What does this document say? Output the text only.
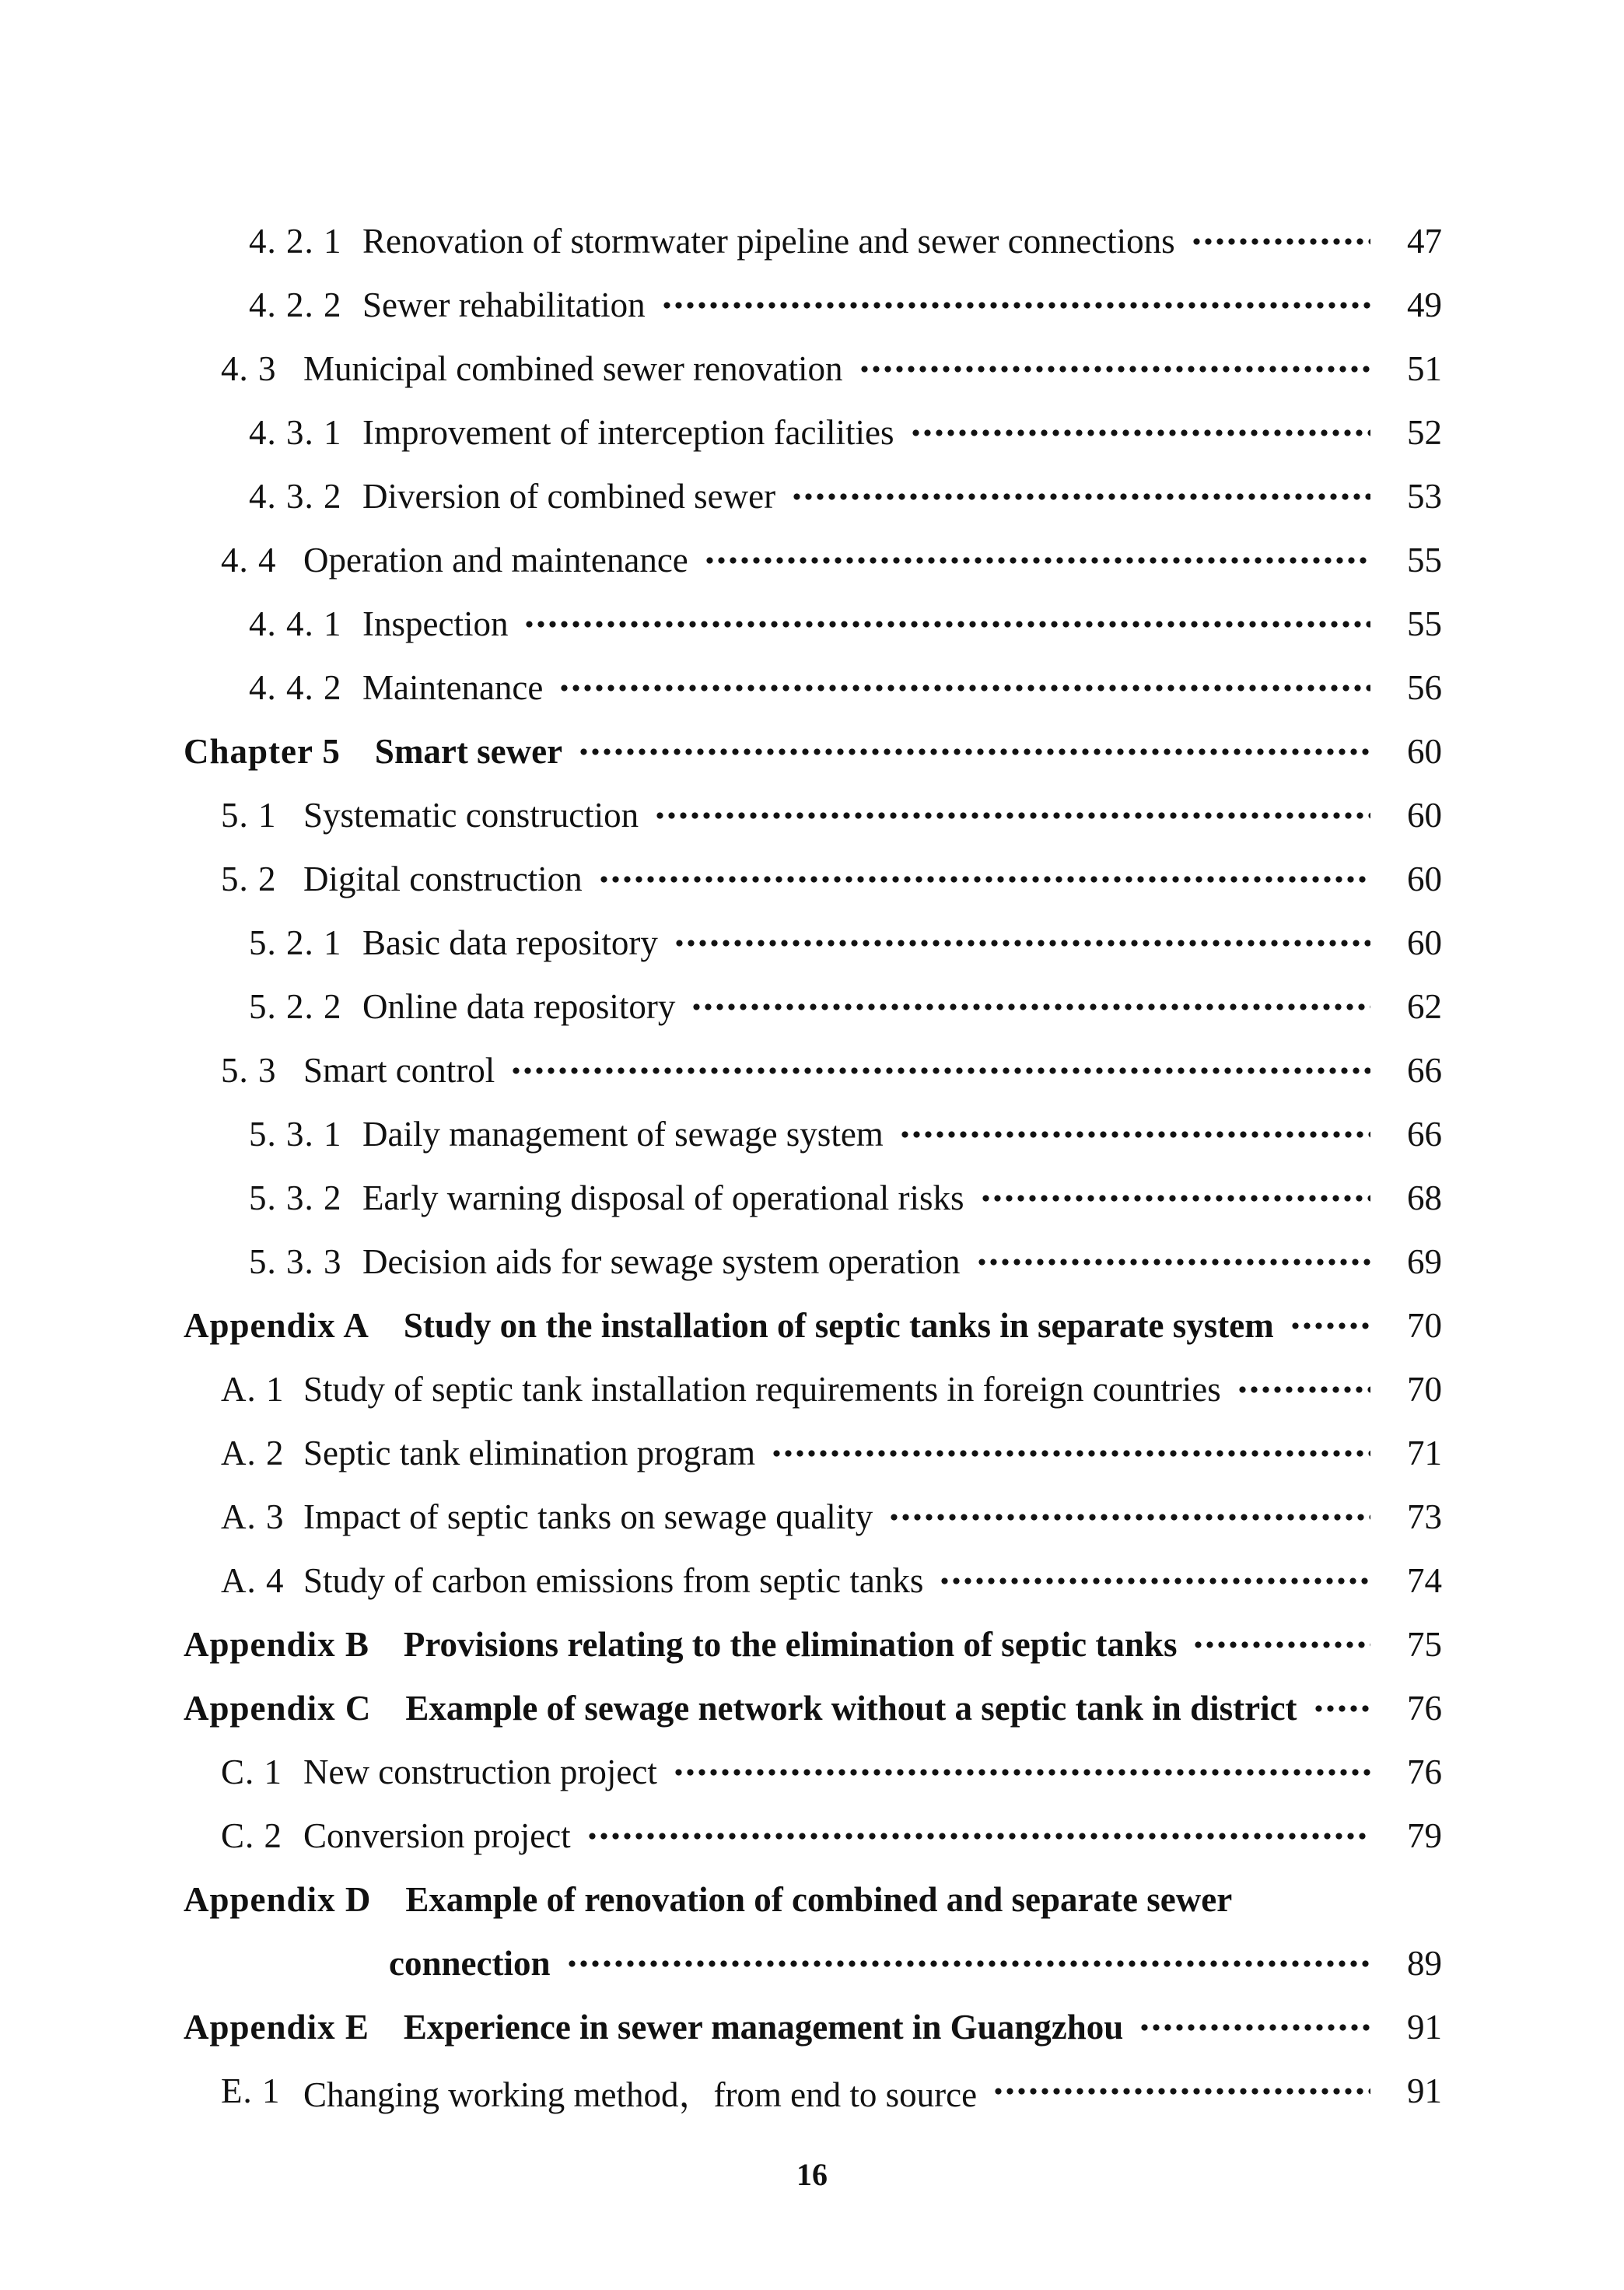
4. 2. 1 Renovation of stormwater pipeline and sewer connections	47
4. 2. 2 Sewer rehabilitation	49
4. 3 Municipal combined sewer renovation	51
4. 3. 1 Improvement of interception facilities	52
4. 3. 2 Diversion of combined sewer	53
4. 4 Operation and maintenance	55
4. 4. 1 Inspection	55
4. 4. 2 Maintenance	56
Chapter 5 Smart sewer	60
5. 1 Systematic construction	60
5. 2 Digital construction	60
5. 2. 1 Basic data repository	60
5. 2. 2 Online data repository	62
5. 3 Smart control	66
5. 3. 1 Daily management of sewage system	66
5. 3. 2 Early warning disposal of operational risks	68
5. 3. 3 Decision aids for sewage system operation	69
Appendix A Study on the installation of septic tanks in separate system	70
A. 1 Study of septic tank installation requirements in foreign countries	70
A. 2 Septic tank elimination program	71
A. 3 Impact of septic tanks on sewage quality	73
A. 4 Study of carbon emissions from septic tanks	74
Appendix B Provisions relating to the elimination of septic tanks	75
Appendix C Example of sewage network without a septic tank in district	76
C. 1 New construction project	76
C. 2 Conversion project	79
Appendix D Example of renovation of combined and separate sewer
connection	89
Appendix E Experience in sewer management in Guangzhou	91
E. 1 Changing working method，from end to source	91
16
